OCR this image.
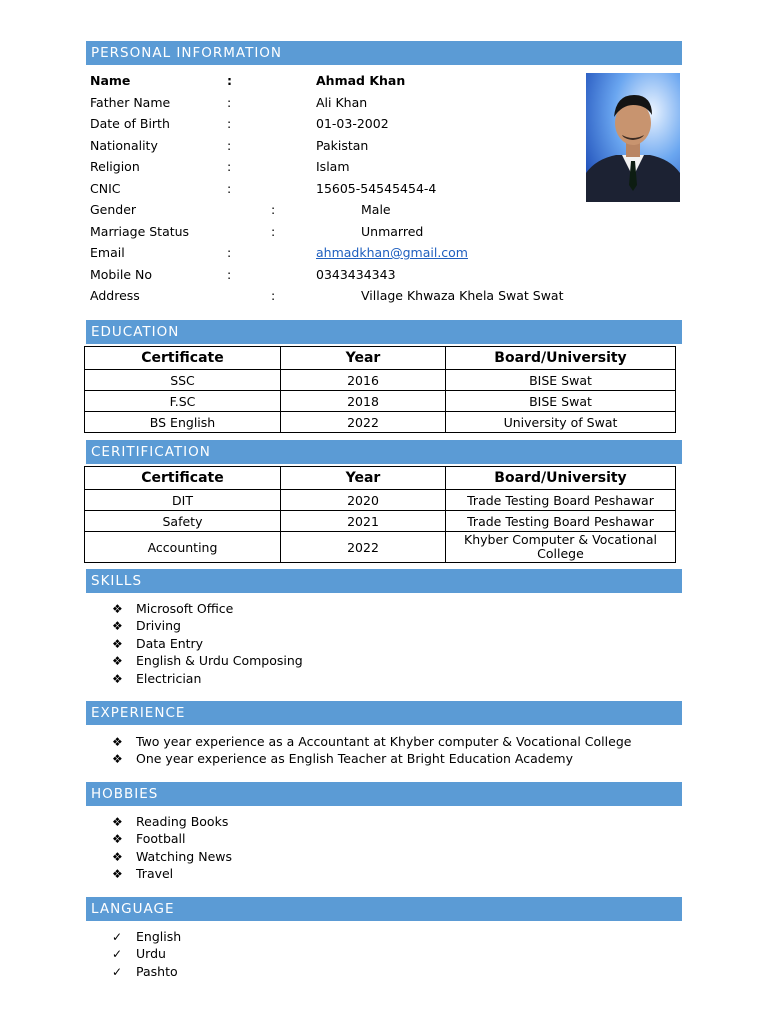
PERSONAL INFORMATION
Name	:	Ahmad Khan
Father Name	:	Ali Khan
Date of Birth	:	01-03-2002
Nationality	:	Pakistan
Religion	:	Islam
CNIC	:	15605-54545454-4
Gender	:	Male
Marriage Status	:	Unmarred
Email	:	ahmadkhan@gmail.com
Mobile No	:	0343434343
Address	:	Village Khwaza Khela Swat Swat
EDUCATION
Certificate	Year	Board/University
SSC	2016	BISE Swat
F.SC	2018	BISE Swat
BS English	2022	University of Swat
CERITIFICATION
Certificate	Year	Board/University
DIT	2020	Trade Testing Board Peshawar
Safety	2021	Trade Testing Board Peshawar
Accounting	2022	Khyber Computer & Vocational College
SKILLS
❖ Microsoft Office
❖ Driving
❖ Data Entry
❖ English & Urdu Composing
❖ Electrician
EXPERIENCE
❖ Two year experience as a Accountant at Khyber computer & Vocational College
❖ One year experience as English Teacher at Bright Education Academy
HOBBIES
❖ Reading Books
❖ Football
❖ Watching News
❖ Travel
LANGUAGE
✓ English
✓ Urdu
✓ Pashto
